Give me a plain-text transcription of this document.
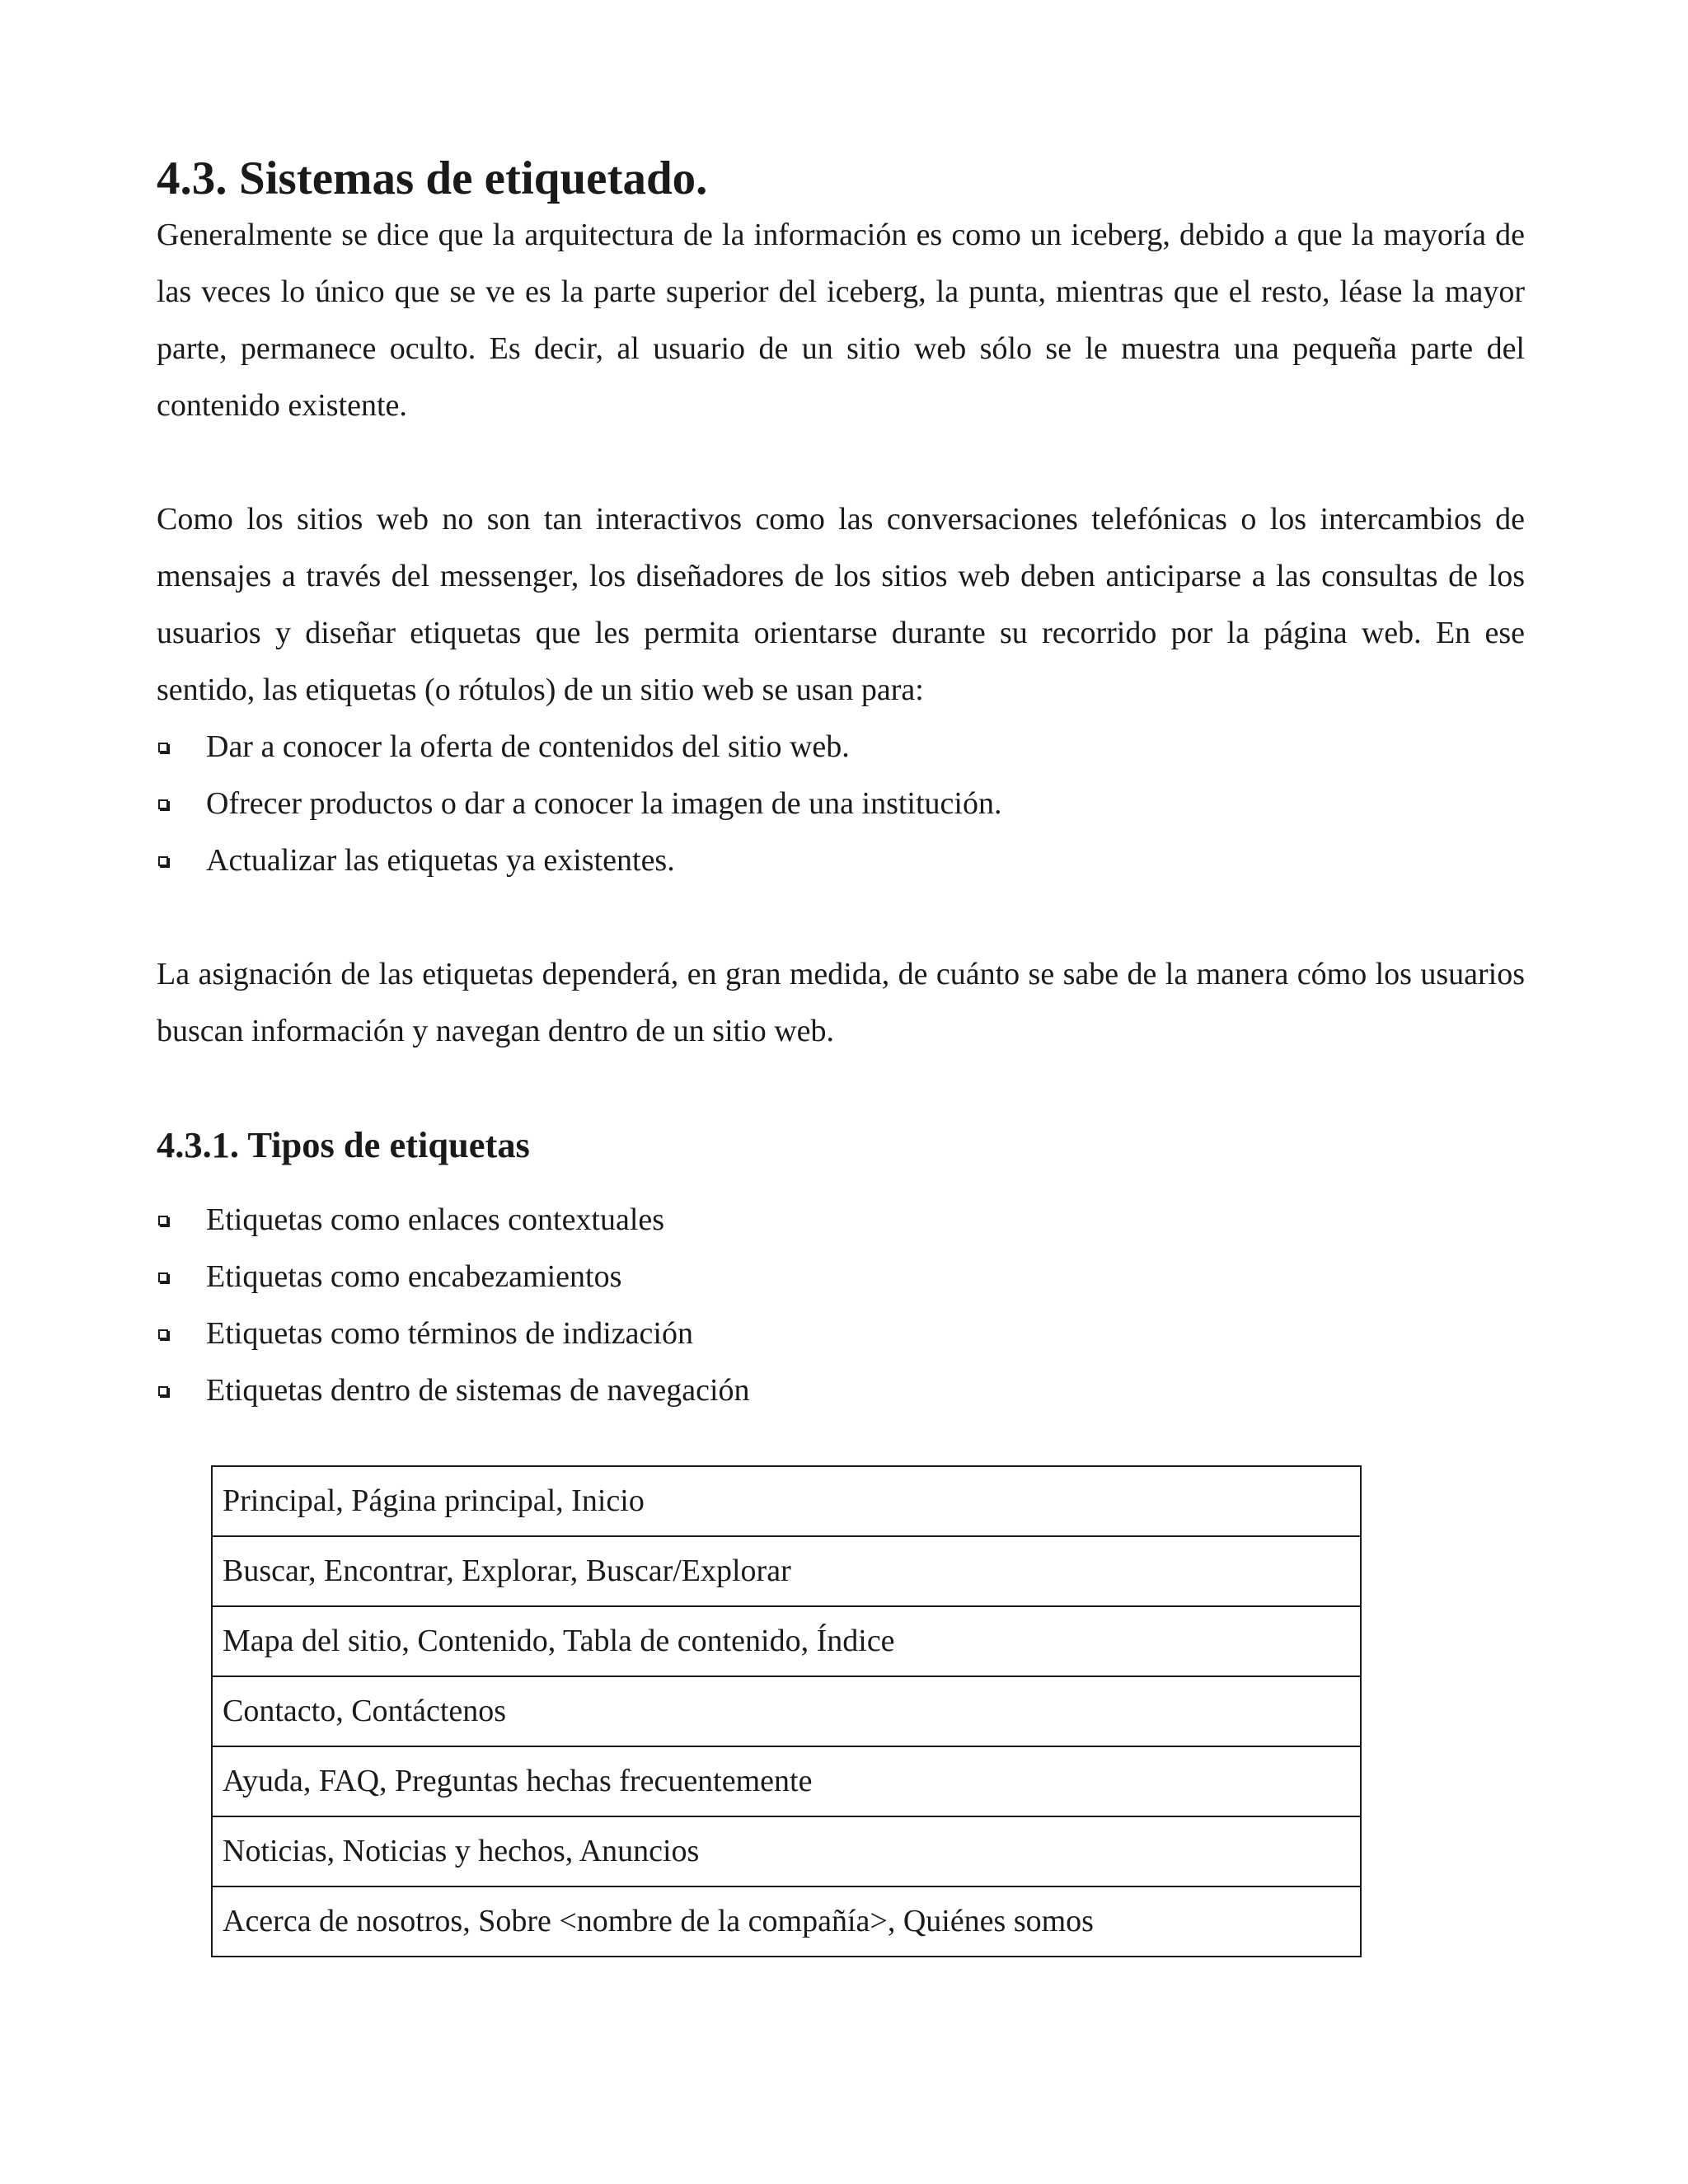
4.3. Sistemas de etiquetado.

Generalmente se dice que la arquitectura de la información es como un iceberg, debido a que la mayoría de las veces lo único que se ve es la parte superior del iceberg, la punta, mientras que el resto, léase la mayor parte, permanece oculto. Es decir, al usuario de un sitio web sólo se le muestra una pequeña parte del contenido existente.

Como los sitios web no son tan interactivos como las conversaciones telefónicas o los intercambios de mensajes a través del messenger, los diseñadores de los sitios web deben anticiparse a las consultas de los usuarios y diseñar etiquetas que les permita orientarse durante su recorrido por la página web. En ese sentido, las etiquetas (o rótulos) de un sitio web se usan para:

Dar a conocer la oferta de contenidos del sitio web.
Ofrecer productos o dar a conocer la imagen de una institución.
Actualizar las etiquetas ya existentes.

La asignación de las etiquetas dependerá, en gran medida, de cuánto se sabe de la manera cómo los usuarios buscan información y navegan dentro de un sitio web.

4.3.1. Tipos de etiquetas
Etiquetas como enlaces contextuales
Etiquetas como encabezamientos
Etiquetas como términos de indización
Etiquetas dentro de sistemas de navegación
Principal, Página principal, Inicio
Buscar, Encontrar, Explorar, Buscar/Explorar
Mapa del sitio, Contenido, Tabla de contenido, Índice
Contacto, Contáctenos
Ayuda, FAQ, Preguntas hechas frecuentemente
Noticias, Noticias y hechos, Anuncios
Acerca de nosotros, Sobre <nombre de la compañía>, Quiénes somos
